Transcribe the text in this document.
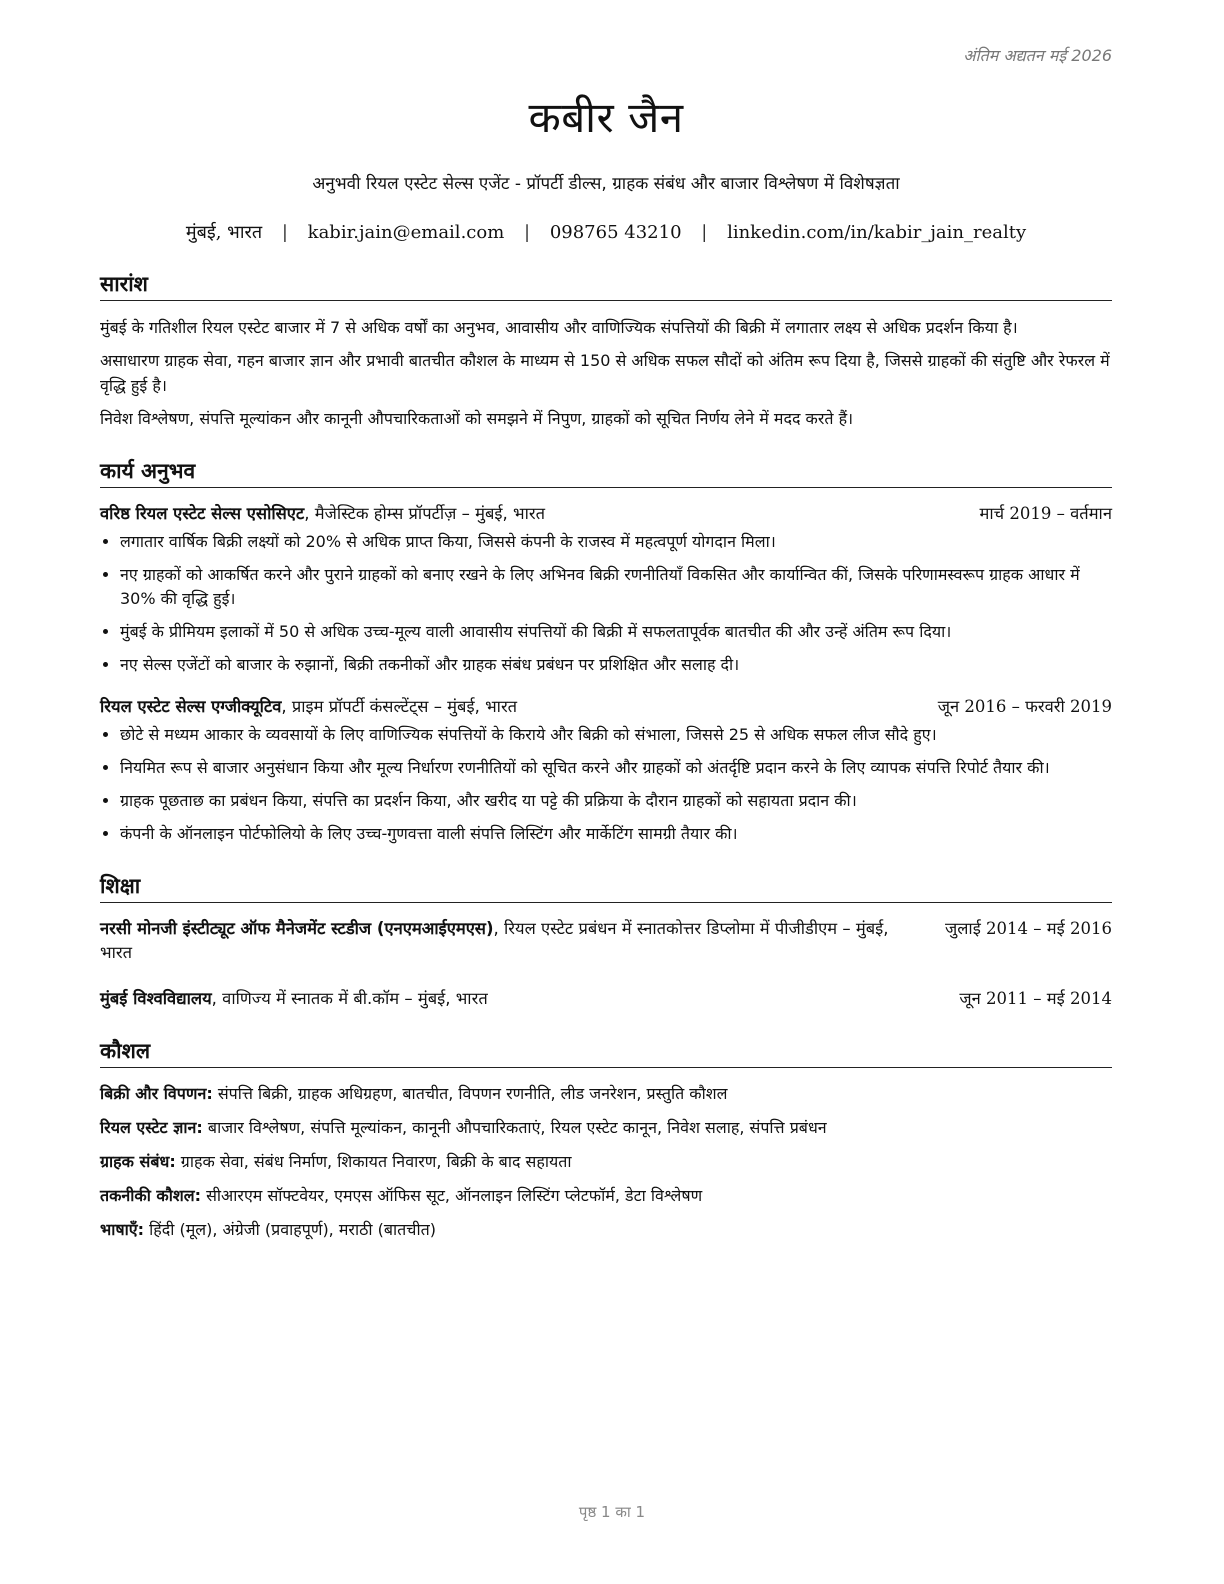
अंतिम अद्यतन मई 2026
कबीर जैन
अनुभवी रियल एस्टेट सेल्स एजेंट - प्रॉपर्टी डील्स, ग्राहक संबंध और बाजार विश्लेषण में विशेषज्ञता
मुंबई, भारत | kabir.jain@email.com | 098765 43210 | linkedin.com/in/kabir_jain_realty
सारांश

मुंबई के गतिशील रियल एस्टेट बाजार में 7 से अधिक वर्षों का अनुभव, आवासीय और वाणिज्यिक संपत्तियों की बिक्री में लगातार लक्ष्य से अधिक प्रदर्शन किया है।

असाधारण ग्राहक सेवा, गहन बाजार ज्ञान और प्रभावी बातचीत कौशल के माध्यम से 150 से अधिक सफल सौदों को अंतिम रूप दिया है, जिससे ग्राहकों की संतुष्टि और रेफरल में वृद्धि हुई है।

निवेश विश्लेषण, संपत्ति मूल्यांकन और कानूनी औपचारिकताओं को समझने में निपुण, ग्राहकों को सूचित निर्णय लेने में मदद करते हैं।

कार्य अनुभव
वरिष्ठ रियल एस्टेट सेल्स एसोसिएट, मैजेस्टिक होम्स प्रॉपर्टीज़ – मुंबई, भारत	मार्च 2019 – वर्तमान
• लगातार वार्षिक बिक्री लक्ष्यों को 20% से अधिक प्राप्त किया, जिससे कंपनी के राजस्व में महत्वपूर्ण योगदान मिला।
• नए ग्राहकों को आकर्षित करने और पुराने ग्राहकों को बनाए रखने के लिए अभिनव बिक्री रणनीतियाँ विकसित और कार्यान्वित कीं, जिसके परिणामस्वरूप ग्राहक आधार में 30% की वृद्धि हुई।
• मुंबई के प्रीमियम इलाकों में 50 से अधिक उच्च-मूल्य वाली आवासीय संपत्तियों की बिक्री में सफलतापूर्वक बातचीत की और उन्हें अंतिम रूप दिया।
• नए सेल्स एजेंटों को बाजार के रुझानों, बिक्री तकनीकों और ग्राहक संबंध प्रबंधन पर प्रशिक्षित और सलाह दी।
रियल एस्टेट सेल्स एग्जीक्यूटिव, प्राइम प्रॉपर्टी कंसल्टेंट्स – मुंबई, भारत	जून 2016 – फरवरी 2019
• छोटे से मध्यम आकार के व्यवसायों के लिए वाणिज्यिक संपत्तियों के किराये और बिक्री को संभाला, जिससे 25 से अधिक सफल लीज सौदे हुए।
• नियमित रूप से बाजार अनुसंधान किया और मूल्य निर्धारण रणनीतियों को सूचित करने और ग्राहकों को अंतर्दृष्टि प्रदान करने के लिए व्यापक संपत्ति रिपोर्ट तैयार की।
• ग्राहक पूछताछ का प्रबंधन किया, संपत्ति का प्रदर्शन किया, और खरीद या पट्टे की प्रक्रिया के दौरान ग्राहकों को सहायता प्रदान की।
• कंपनी के ऑनलाइन पोर्टफोलियो के लिए उच्च-गुणवत्ता वाली संपत्ति लिस्टिंग और मार्केटिंग सामग्री तैयार की।
शिक्षा
नरसी मोनजी इंस्टीट्यूट ऑफ मैनेजमेंट स्टडीज (एनएमआईएमएस), रियल एस्टेट प्रबंधन में स्नातकोत्तर डिप्लोमा में पीजीडीएम – मुंबई, भारत
जुलाई 2014 – मई 2016
मुंबई विश्वविद्यालय, वाणिज्य में स्नातक में बी.कॉम – मुंबई, भारत	जून 2011 – मई 2014
कौशल
बिक्री और विपणन: संपत्ति बिक्री, ग्राहक अधिग्रहण, बातचीत, विपणन रणनीति, लीड जनरेशन, प्रस्तुति कौशल
रियल एस्टेट ज्ञान: बाजार विश्लेषण, संपत्ति मूल्यांकन, कानूनी औपचारिकताएं, रियल एस्टेट कानून, निवेश सलाह, संपत्ति प्रबंधन
ग्राहक संबंध: ग्राहक सेवा, संबंध निर्माण, शिकायत निवारण, बिक्री के बाद सहायता
तकनीकी कौशल: सीआरएम सॉफ्टवेयर, एमएस ऑफिस सूट, ऑनलाइन लिस्टिंग प्लेटफॉर्म, डेटा विश्लेषण
भाषाएँ: हिंदी (मूल), अंग्रेजी (प्रवाहपूर्ण), मराठी (बातचीत)
पृष्ठ 1 का 1
